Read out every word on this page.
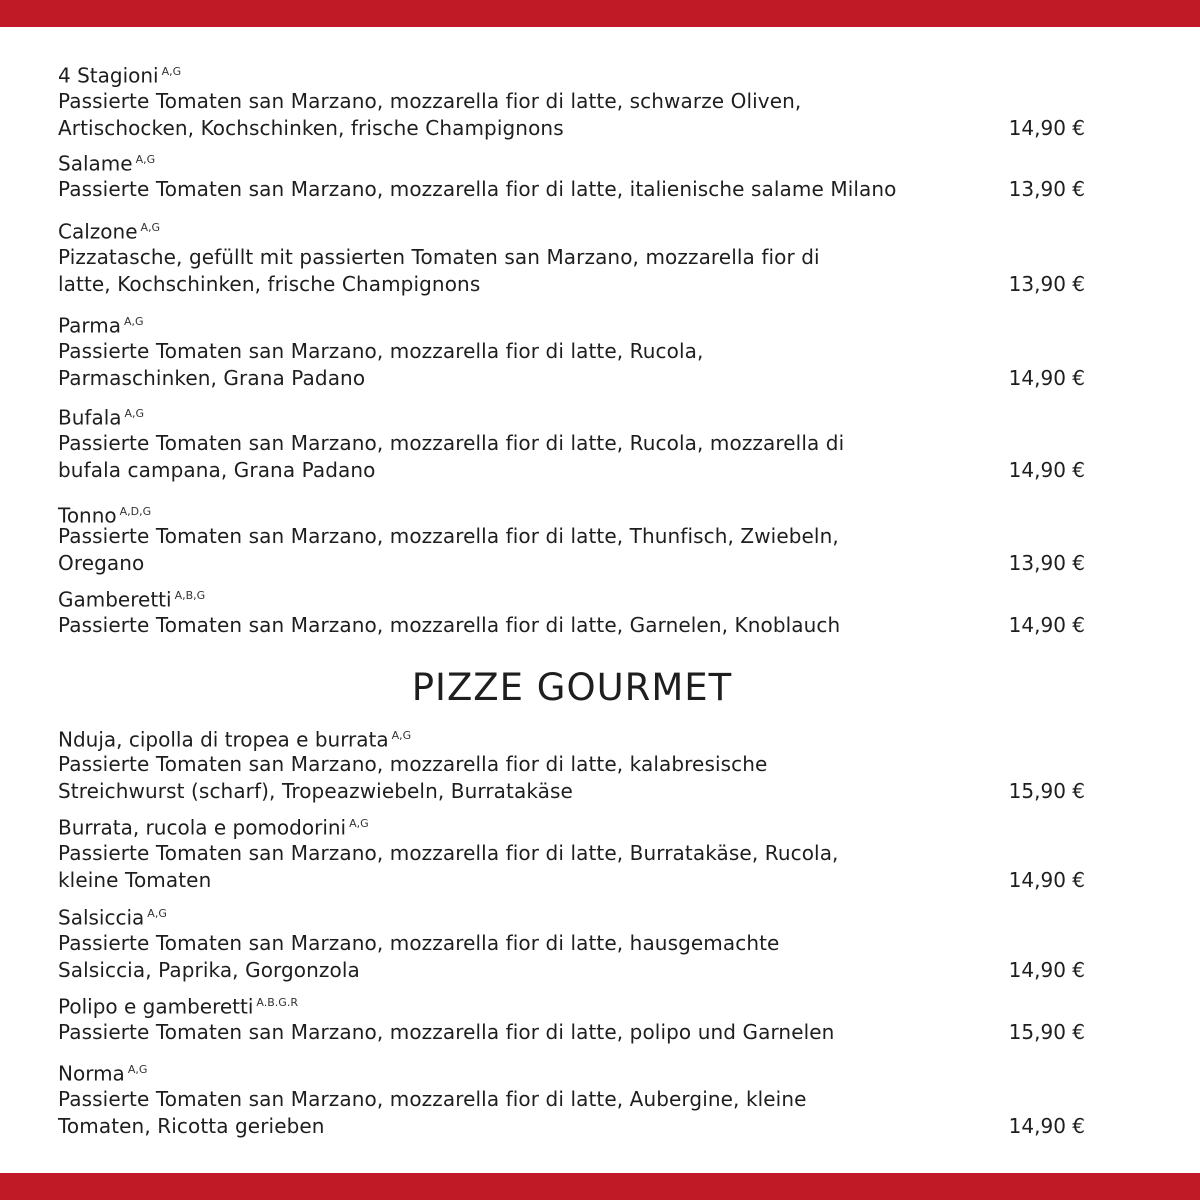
4 Stagioni $^{A,G}$
Passierte Tomaten san Marzano, mozzarella fior di latte, schwarze Oliven,
Artischocken, Kochschinken, frische Champignons	14,90 €
Salame $^{A,G}$
Passierte Tomaten san Marzano, mozzarella fior di latte, italienische salame Milano	13,90 €
Calzone $^{A,G}$
Pizzatasche, gefüllt mit passierten Tomaten san Marzano, mozzarella fior di
latte, Kochschinken, frische Champignons	13,90 €
Parma $^{A,G}$
Passierte Tomaten san Marzano, mozzarella fior di latte, Rucola,
Parmaschinken, Grana Padano	14,90 €
Bufala $^{A,G}$
Passierte Tomaten san Marzano, mozzarella fior di latte, Rucola, mozzarella di
bufala campana, Grana Padano	14,90 €
Tonno $^{A,D,G}$
Passierte Tomaten san Marzano, mozzarella fior di latte, Thunfisch, Zwiebeln,
Oregano	13,90 €
Gamberetti $^{A,B,G}$
Passierte Tomaten san Marzano, mozzarella fior di latte, Garnelen, Knoblauch	14,90 €
PIZZE GOURMET
Nduja, cipolla di tropea e burrata $^{A,G}$
Passierte Tomaten san Marzano, mozzarella fior di latte, kalabresische
Streichwurst (scharf), Tropeazwiebeln, Burratakäse	15,90 €
Burrata, rucola e pomodorini $^{A,G}$
Passierte Tomaten san Marzano, mozzarella fior di latte, Burratakäse, Rucola,
kleine Tomaten	14,90 €
Salsiccia $^{A,G}$
Passierte Tomaten san Marzano, mozzarella fior di latte, hausgemachte
Salsiccia, Paprika, Gorgonzola	14,90 €
Polipo e gamberetti $^{A.B.G.R}$
Passierte Tomaten san Marzano, mozzarella fior di latte, polipo und Garnelen	15,90 €
Norma $^{A,G}$
Passierte Tomaten san Marzano, mozzarella fior di latte, Aubergine, kleine
Tomaten, Ricotta gerieben	14,90 €
